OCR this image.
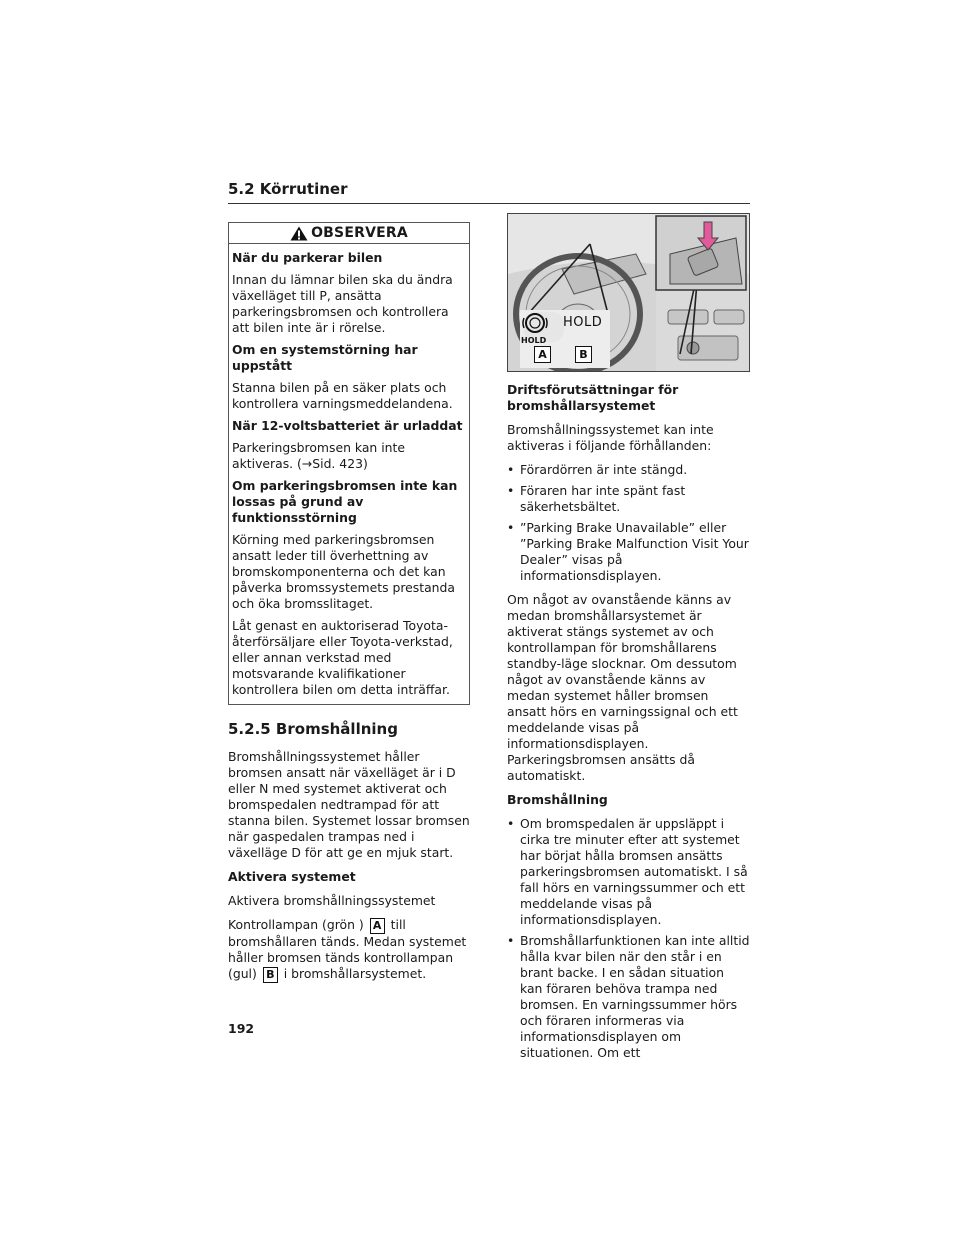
5.2 Körrutiner
OBSERVERA

När du parkerar bilen

Innan du lämnar bilen ska du ändra växelläget till P, ansätta parkeringsbromsen och kontrollera att bilen inte är i rörelse.

Om en systemstörning har uppstått

Stanna bilen på en säker plats och kontrollera varningsmeddelandena.

När 12-voltsbatteriet är urladdat

Parkeringsbromsen kan inte aktiveras. (→Sid. 423)

Om parkeringsbromsen inte kan lossas på grund av funktionsstörning

Körning med parkeringsbromsen ansatt leder till överhettning av bromskomponenterna och det kan påverka bromssystemets prestanda och öka bromsslitaget.

Låt genast en auktoriserad Toyota-återförsäljare eller Toyota-verkstad, eller annan verkstad med motsvarande kvalifikationer kontrollera bilen om detta inträffar.

5.2.5 Bromshållning

Bromshållningssystemet håller bromsen ansatt när växelläget är i D eller N med systemet aktiverat och bromspedalen nedtrampad för att stanna bilen. Systemet lossar bromsen när gaspedalen trampas ned i växelläge D för att ge en mjuk start.

Aktivera systemet

Aktivera bromshållningssystemet

Kontrollampan (grön ) A till bromshållaren tänds. Medan systemet håller bromsen tänds kontrollampan (gul) B i bromshållarsystemet.

HOLD
HOLD
A	B

Driftsförutsättningar för bromshållarsystemet

Bromshållningssystemet kan inte aktiveras i följande förhållanden:

• Förardörren är inte stängd.
• Föraren har inte spänt fast säkerhetsbältet.
• ”Parking Brake Unavailable” eller ”Parking Brake Malfunction Visit Your Dealer” visas på informationsdisplayen.

Om något av ovanstående känns av medan bromshållarsystemet är aktiverat stängs systemet av och kontrollampan för bromshållarens standby-läge slocknar. Om dessutom något av ovanstående känns av medan systemet håller bromsen ansatt hörs en varningssignal och ett meddelande visas på informationsdisplayen. Parkeringsbromsen ansätts då automatiskt.

Bromshållning

• Om bromspedalen är uppsläppt i cirka tre minuter efter att systemet har börjat hålla bromsen ansätts parkeringsbromsen automatiskt. I så fall hörs en varningssummer och ett meddelande visas på informationsdisplayen.
• Bromshållarfunktionen kan inte alltid hålla kvar bilen när den står i en brant backe. I en sådan situation kan föraren behöva trampa ned bromsen. En varningssummer hörs och föraren informeras via informationsdisplayen om situationen. Om ett
192
